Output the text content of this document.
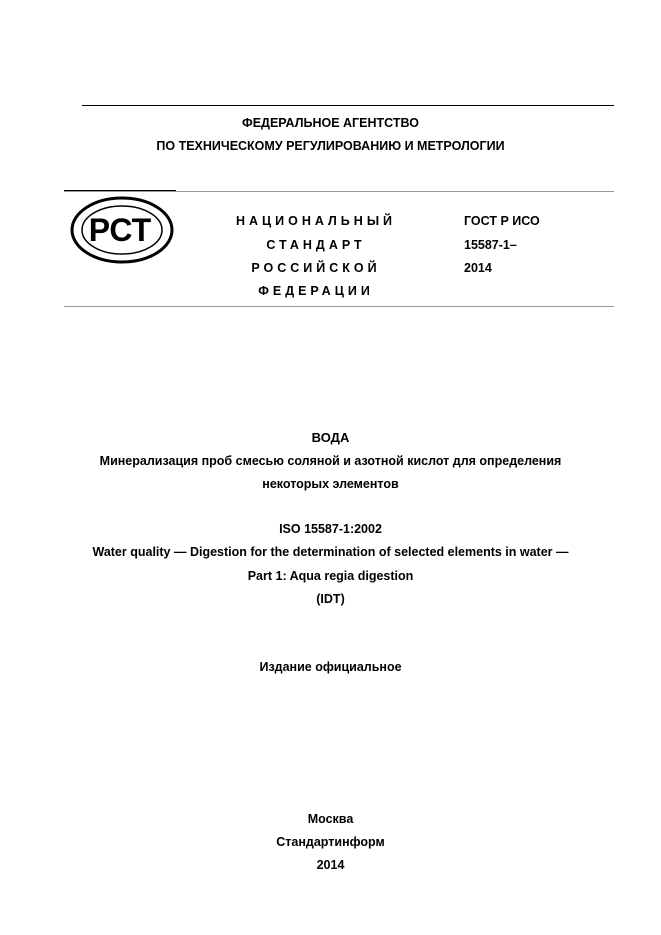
ФЕДЕРАЛЬНОЕ АГЕНТСТВО
ПО ТЕХНИЧЕСКОМУ РЕГУЛИРОВАНИЮ И МЕТРОЛОГИИ
РСТ	НАЦИОНАЛЬНЫЙ
СТАНДАРТ
РОССИЙСКОЙ
ФЕДЕРАЦИИ
ГОСТ Р ИСО
15587-1–
2014
ВОДА
Минерализация проб смесью соляной и азотной кислот для определения
некоторых элементов
ISO 15587-1:2002
Water quality — Digestion for the determination of selected elements in water —
Part 1: Aqua regia digestion
(IDT)
Издание официальное
Москва
Стандартинформ
2014
